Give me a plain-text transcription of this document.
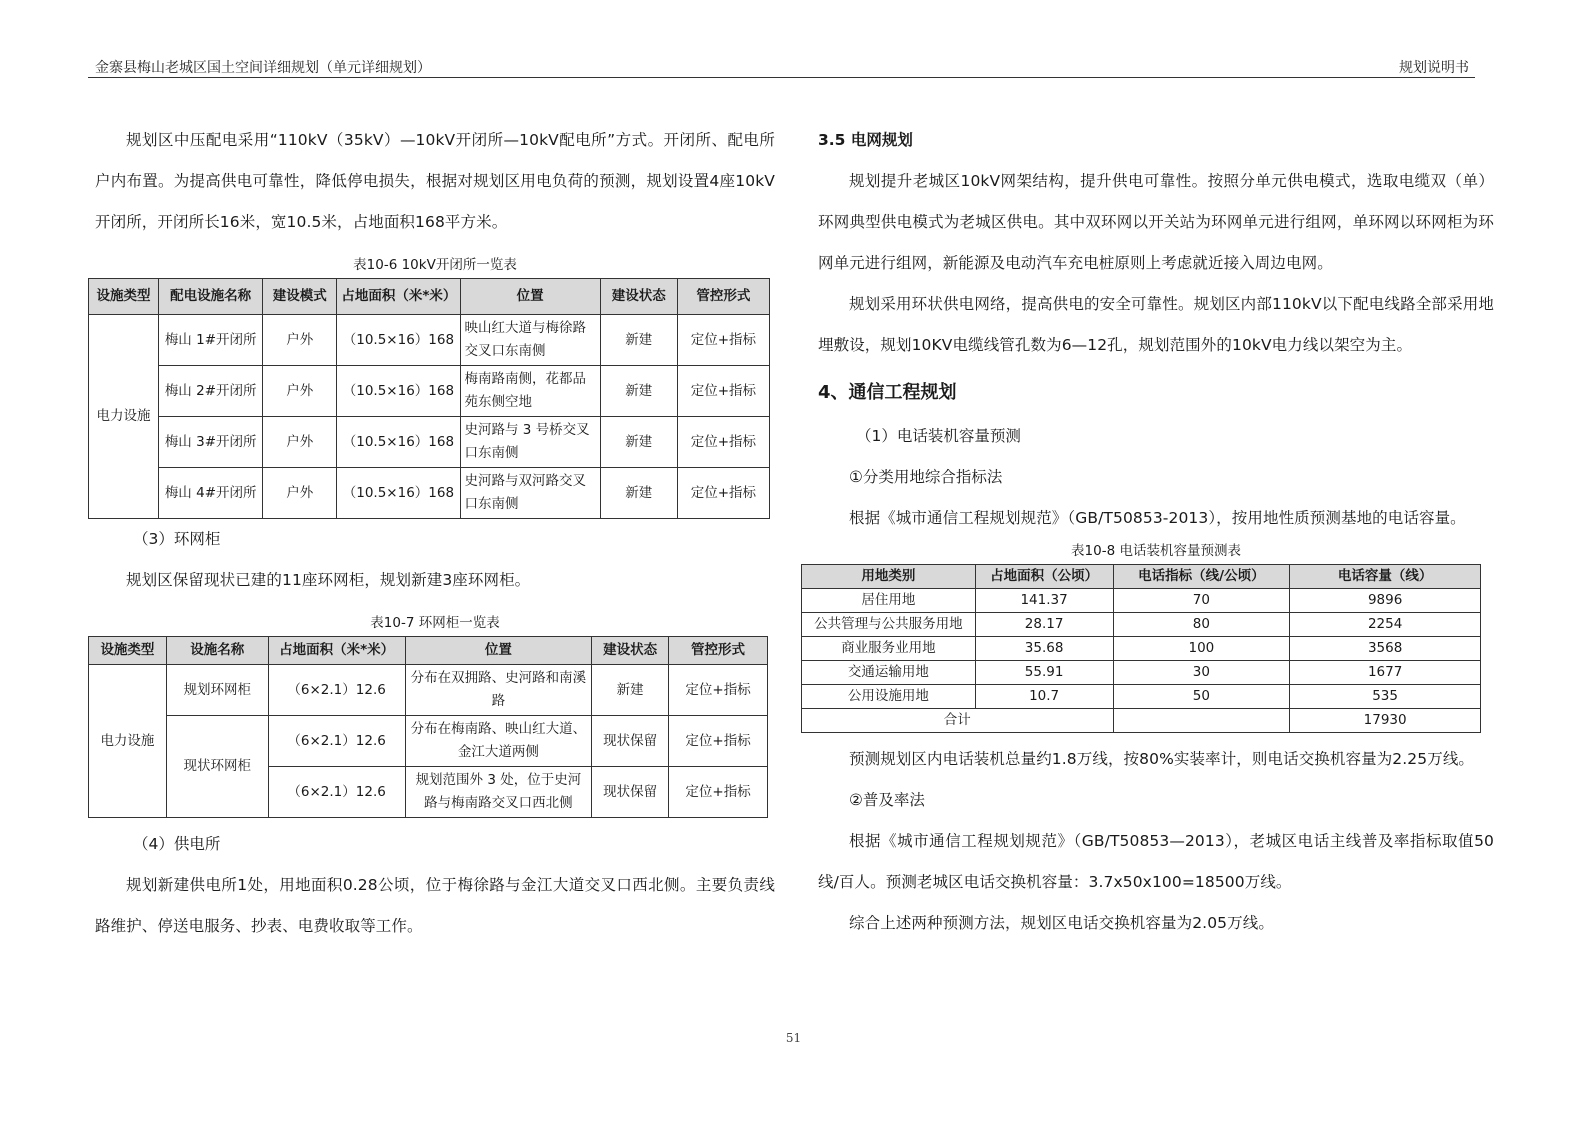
金寨县梅山老城区国土空间详细规划（单元详细规划）	规划说明书

规划区中压配电采用“110kV（35kV）—10kV开闭所—10kV配电所”方式。开闭所、配电所户内布置。为提高供电可靠性，降低停电损失，根据对规划区用电负荷的预测，规划设置4座10kV开闭所，开闭所长16米，宽10.5米，占地面积168平方米。

表10-6 10kV开闭所一览表
设施类型	配电设施名称	建设模式	占地面积（米*米）	位置	建设状态	管控形式
电力设施	梅山 1#开闭所	户外	（10.5×16）168	映山红大道与梅徐路交叉口东南侧	新建	定位+指标
	梅山 2#开闭所	户外	（10.5×16）168	梅南路南侧，花都品苑东侧空地	新建	定位+指标
	梅山 3#开闭所	户外	（10.5×16）168	史河路与 3 号桥交叉口东南侧	新建	定位+指标
	梅山 4#开闭所	户外	（10.5×16）168	史河路与双河路交叉口东南侧	新建	定位+指标

（3）环网柜

规划区保留现状已建的11座环网柜，规划新建3座环网柜。

表10-7 环网柜一览表
设施类型	设施名称	占地面积（米*米）	位置	建设状态	管控形式
电力设施	规划环网柜	（6×2.1）12.6	分布在双拥路、史河路和南溪路	新建	定位+指标
	现状环网柜	（6×2.1）12.6	分布在梅南路、映山红大道、金江大道两侧	现状保留	定位+指标
		（6×2.1）12.6	规划范围外 3 处，位于史河路与梅南路交叉口西北侧	现状保留	定位+指标

（4）供电所

规划新建供电所1处，用地面积0.28公顷，位于梅徐路与金江大道交叉口西北侧。主要负责线路维护、停送电服务、抄表、电费收取等工作。

3.5 电网规划

规划提升老城区10kV网架结构，提升供电可靠性。按照分单元供电模式，选取电缆双（单）环网典型供电模式为老城区供电。其中双环网以开关站为环网单元进行组网，单环网以环网柜为环网单元进行组网，新能源及电动汽车充电桩原则上考虑就近接入周边电网。

规划采用环状供电网络，提高供电的安全可靠性。规划区内部110kV以下配电线路全部采用地埋敷设，规划10KV电缆线管孔数为6—12孔，规划范围外的10kV电力线以架空为主。

4、通信工程规划

（1）电话装机容量预测

①分类用地综合指标法

根据《城市通信工程规划规范》（GB/T50853-2013），按用地性质预测基地的电话容量。

表10-8 电话装机容量预测表
用地类别	占地面积（公顷）	电话指标（线/公顷）	电话容量（线）
居住用地	141.37	70	9896
公共管理与公共服务用地	28.17	80	2254
商业服务业用地	35.68	100	3568
交通运输用地	55.91	30	1677
公用设施用地	10.7	50	535
合计			17930

预测规划区内电话装机总量约1.8万线，按80%实装率计，则电话交换机容量为2.25万线。

②普及率法

根据《城市通信工程规划规范》（GB/T50853—2013），老城区电话主线普及率指标取值50线/百人。预测老城区电话交换机容量：3.7x50x100=18500万线。

综合上述两种预测方法，规划区电话交换机容量为2.05万线。

51
